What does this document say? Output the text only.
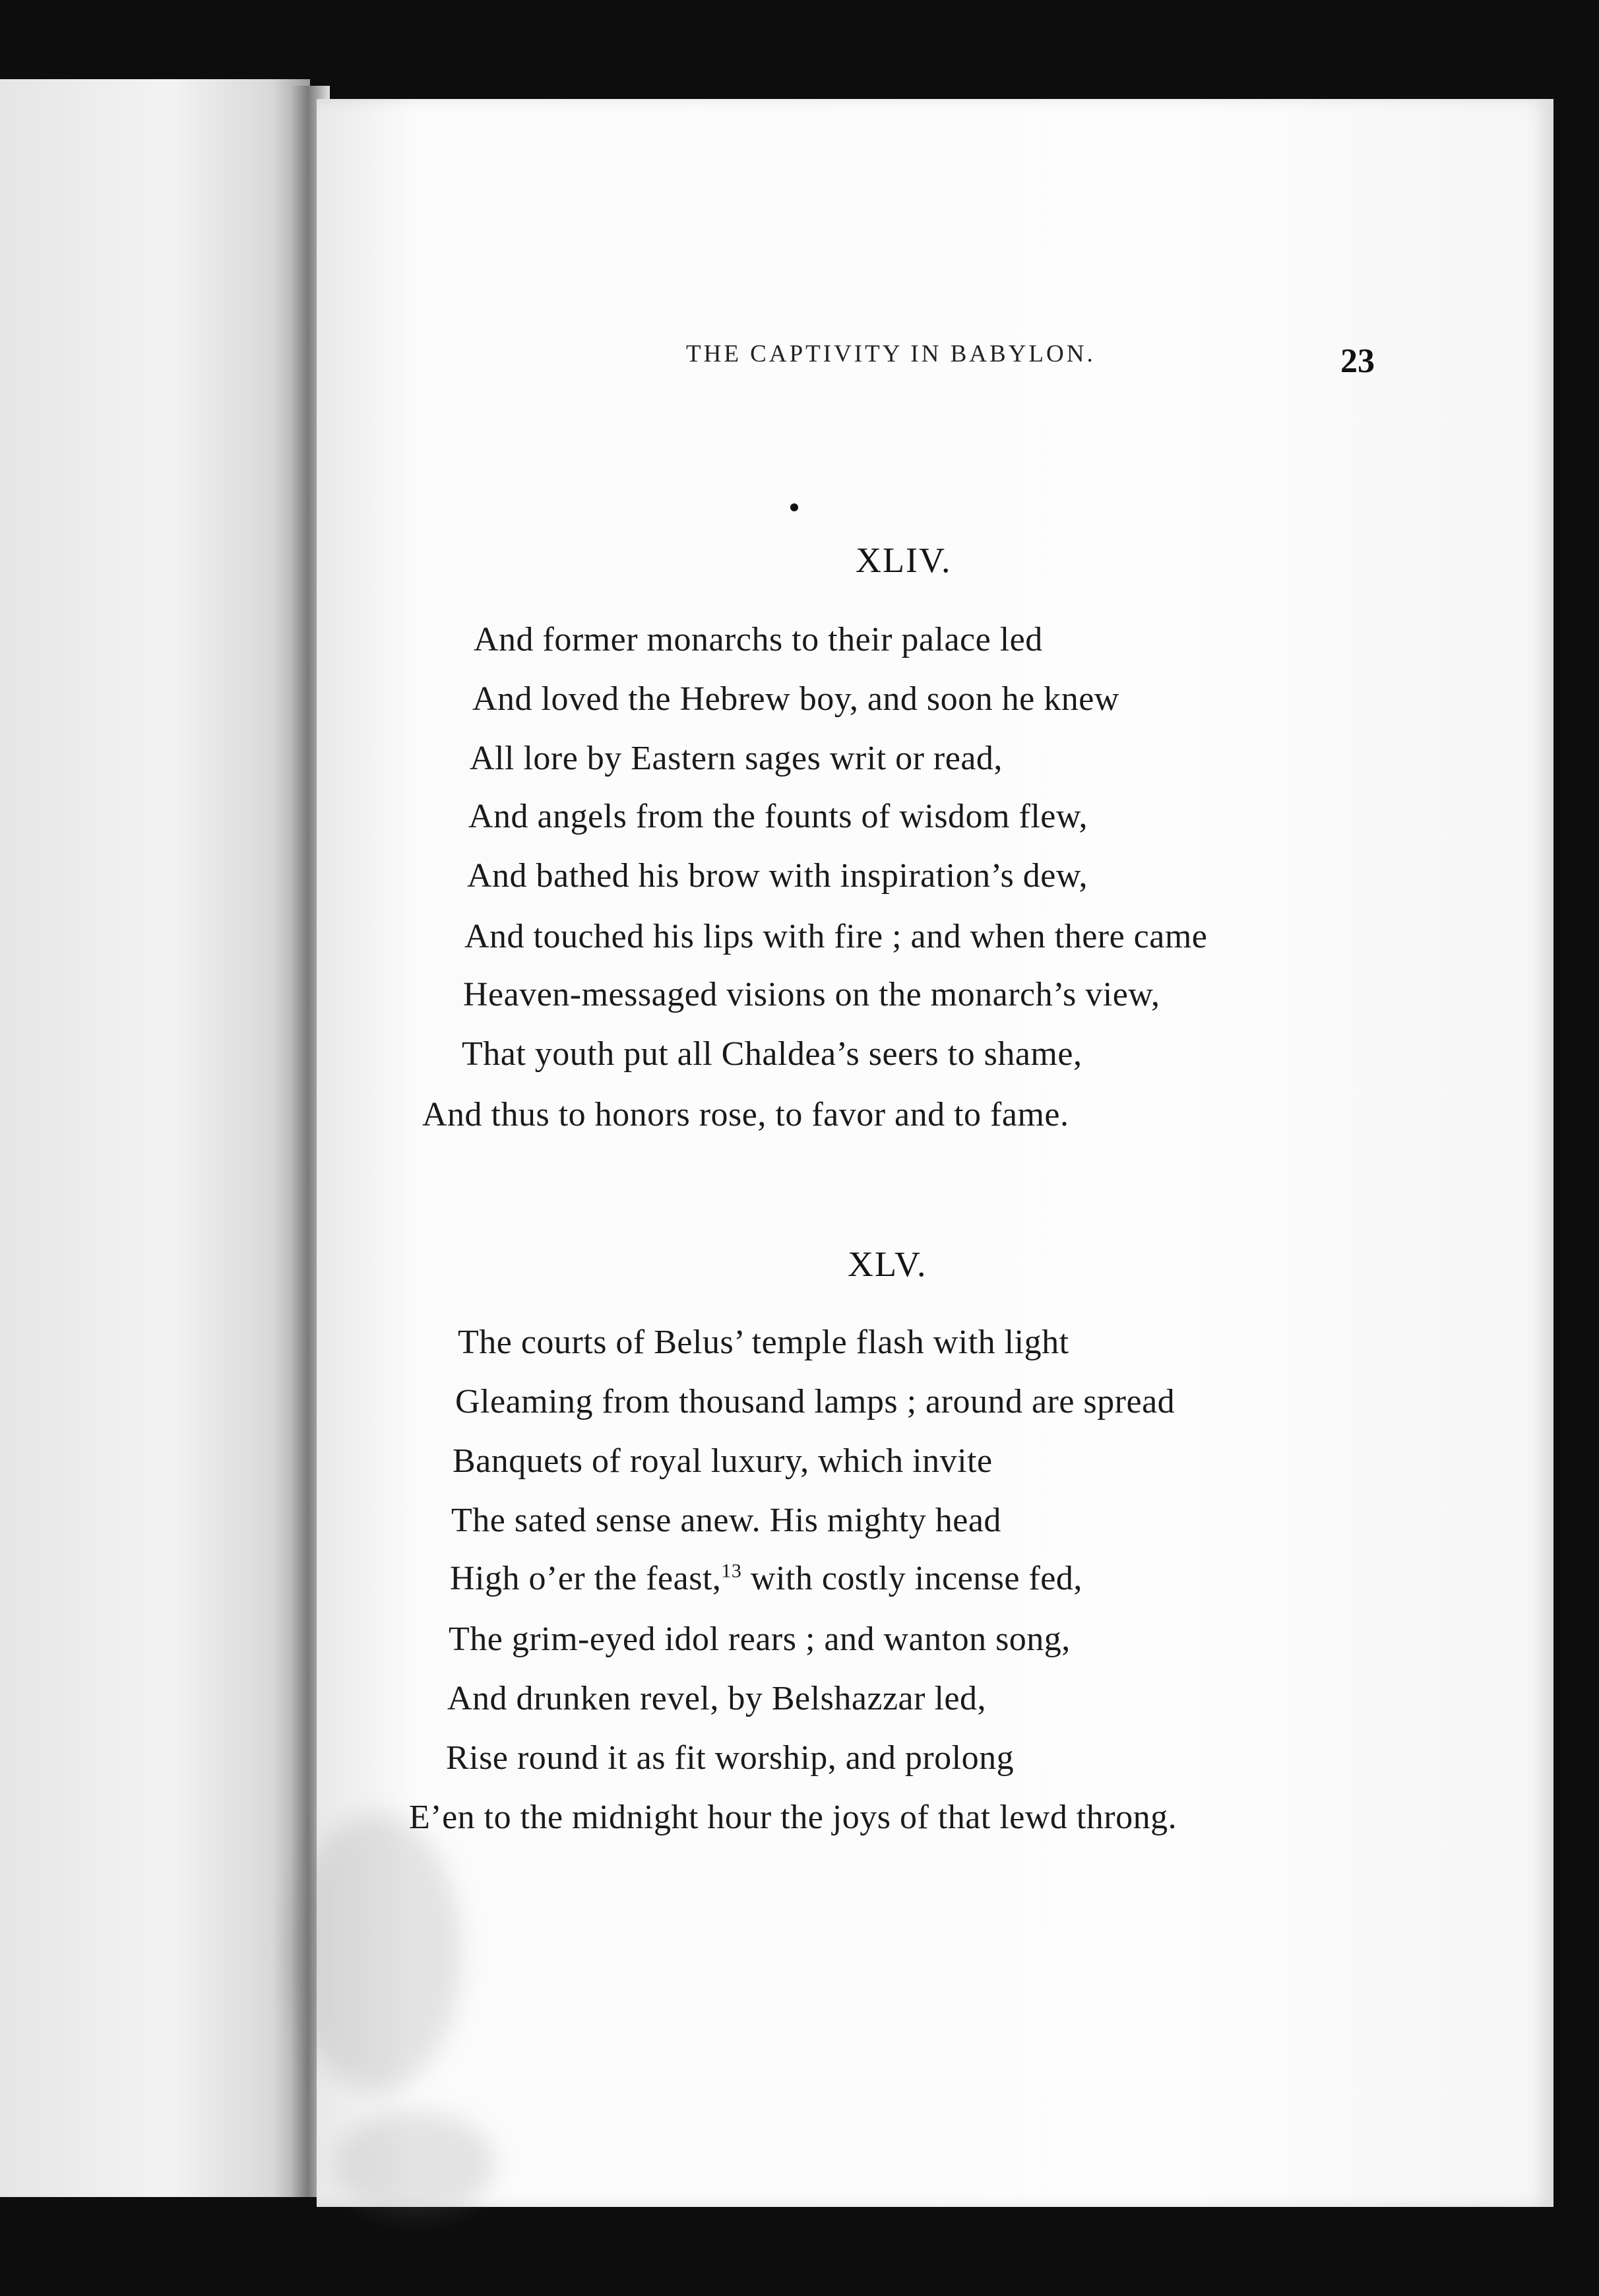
THE CAPTIVITY IN BABYLON.	23
XLIV.
And former monarchs to their palace led
And loved the Hebrew boy, and soon he knew
All lore by Eastern sages writ or read,
And angels from the founts of wisdom flew,
And bathed his brow with inspiration’s dew,
And touched his lips with fire ; and when there came
Heaven-messaged visions on the monarch’s view,
That youth put all Chaldea’s seers to shame,
And thus to honors rose, to favor and to fame.
XLV.
The courts of Belus’ temple flash with light
Gleaming from thousand lamps ; around are spread
Banquets of royal luxury, which invite
The sated sense anew. His mighty head
High o’er the feast,$^{13}$ with costly incense fed,
The grim-eyed idol rears ; and wanton song,
And drunken revel, by Belshazzar led,
Rise round it as fit worship, and prolong
E’en to the midnight hour the joys of that lewd throng.
